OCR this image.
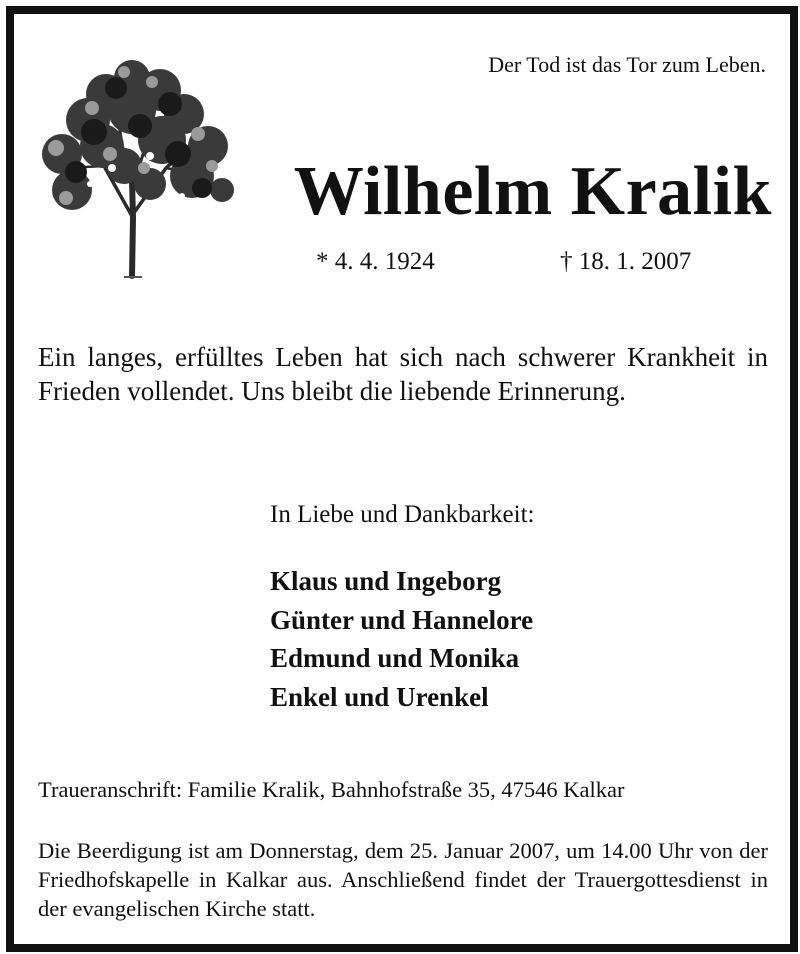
Der Tod ist das Tor zum Leben.
Wilhelm Kralik
* 4. 4. 1924	† 18. 1. 2007
Ein langes, erfülltes Leben hat sich nach schwerer Krankheit in Frieden vollendet. Uns bleibt die liebende Erinnerung.
In Liebe und Dankbarkeit:
Klaus und Ingeborg
Günter und Hannelore
Edmund und Monika
Enkel und Urenkel
Traueranschrift: Familie Kralik, Bahnhofstraße 35, 47546 Kalkar
Die Beerdigung ist am Donnerstag, dem 25. Januar 2007, um 14.00 Uhr von der Friedhofskapelle in Kalkar aus. Anschließend findet der Trauergottesdienst in der evangelischen Kirche statt.
